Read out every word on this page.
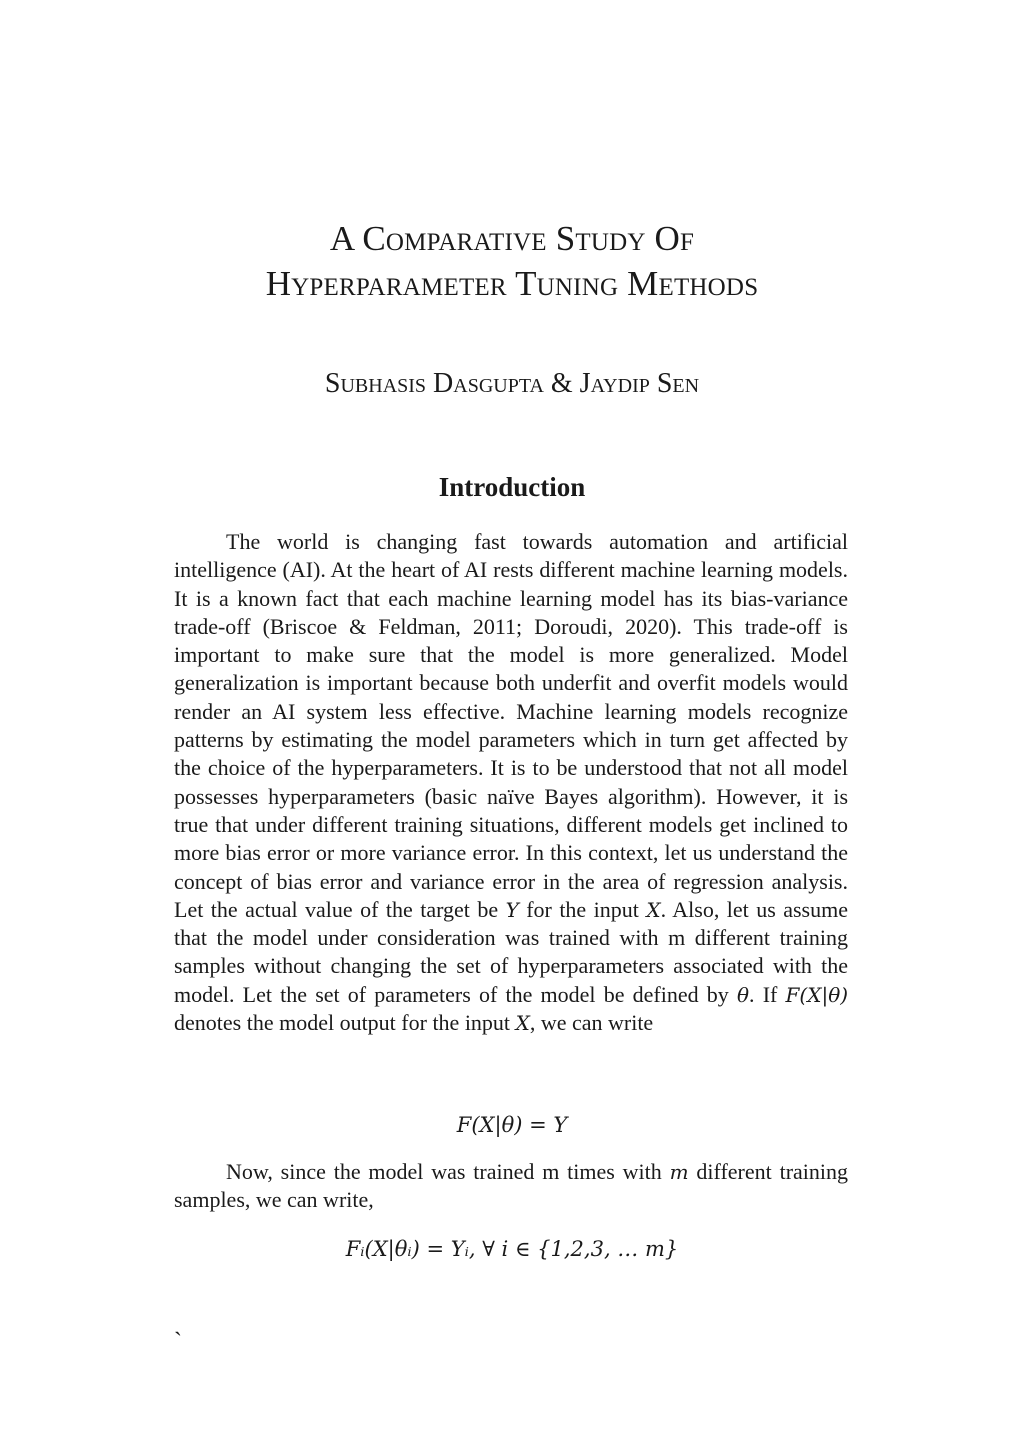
A Comparative Study Of
Hyperparameter Tuning Methods
Subhasis Dasgupta & Jaydip Sen
Introduction

The world is changing fast towards automation and artificial intelligence (AI). At the heart of AI rests different machine learning models. It is a known fact that each machine learning model has its bias-variance trade-off (Briscoe & Feldman, 2011; Doroudi, 2020). This trade-off is important to make sure that the model is more generalized. Model generalization is important because both underfit and overfit models would render an AI system less effective. Machine learning models recognize patterns by estimating the model parameters which in turn get affected by the choice of the hyperparameters. It is to be understood that not all model possesses hyperparameters (basic naïve Bayes algorithm). However, it is true that under different training situations, different models get inclined to more bias error or more variance error. In this context, let us understand the concept of bias error and variance error in the area of regression analysis. Let the actual value of the target be Y for the input X. Also, let us assume that the model under consideration was trained with m different training samples without changing the set of hyperparameters associated with the model. Let the set of parameters of the model be defined by θ. If F(X|θ) denotes the model output for the input X, we can write

F(X|θ) = Y

Now, since the model was trained m times with m different training samples, we can write,

Fᵢ(X|θᵢ) = Yᵢ, ∀ i ∈ {1,2,3, … m}
`
